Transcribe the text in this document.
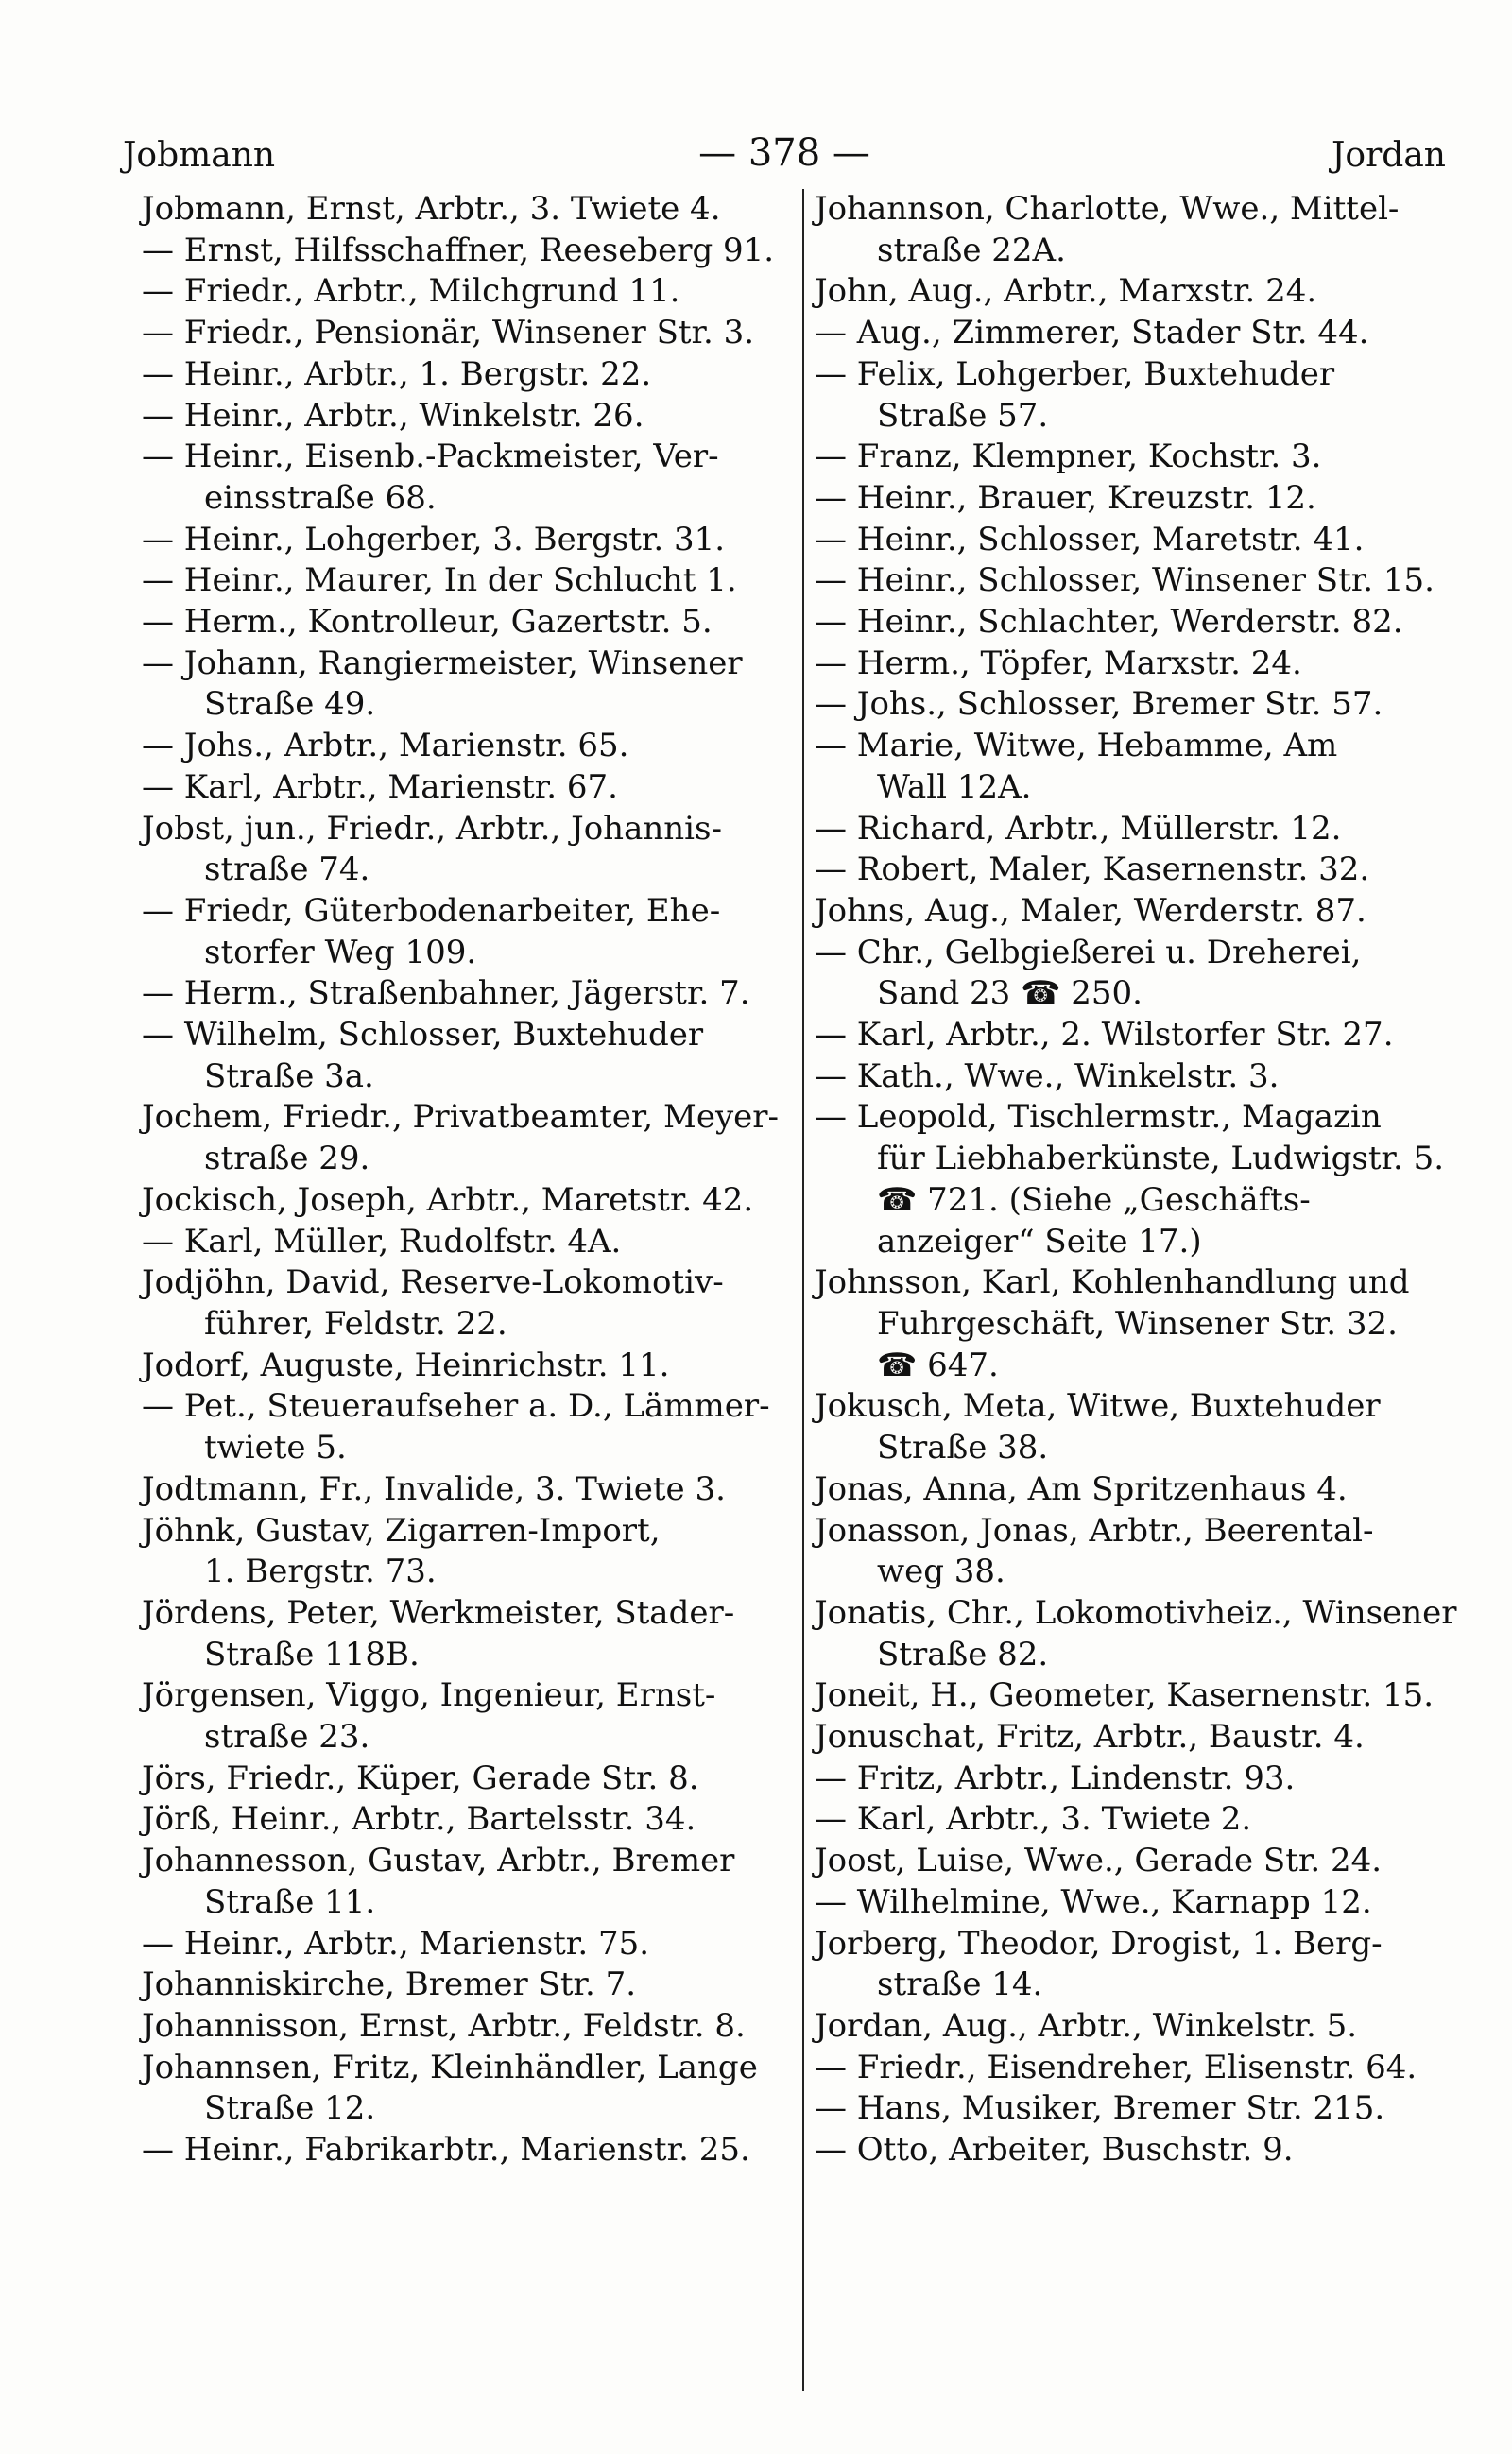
Jobmann	— 378 —	Jordan
Jobmann, Ernst, Arbtr., 3. Twiete 4.
— Ernst, Hilfsschaffner, Reeseberg 91.
— Friedr., Arbtr., Milchgrund 11.
— Friedr., Pensionär, Winsener Str. 3.
— Heinr., Arbtr., 1. Bergstr. 22.
— Heinr., Arbtr., Winkelstr. 26.
— Heinr., Eisenb.-Packmeister, Ver-
einsstraße 68.
— Heinr., Lohgerber, 3. Bergstr. 31.
— Heinr., Maurer, In der Schlucht 1.
— Herm., Kontrolleur, Gazertstr. 5.
— Johann, Rangiermeister, Winsener
Straße 49.
— Johs., Arbtr., Marienstr. 65.
— Karl, Arbtr., Marienstr. 67.
Jobst, jun., Friedr., Arbtr., Johannis-
straße 74.
— Friedr, Güterbodenarbeiter, Ehe-
storfer Weg 109.
— Herm., Straßenbahner, Jägerstr. 7.
— Wilhelm, Schlosser, Buxtehuder
Straße 3a.
Jochem, Friedr., Privatbeamter, Meyer-
straße 29.
Jockisch, Joseph, Arbtr., Maretstr. 42.
— Karl, Müller, Rudolfstr. 4A.
Jodjöhn, David, Reserve-Lokomotiv-
führer, Feldstr. 22.
Jodorf, Auguste, Heinrichstr. 11.
— Pet., Steueraufseher a. D., Lämmer-
twiete 5.
Jodtmann, Fr., Invalide, 3. Twiete 3.
Jöhnk, Gustav, Zigarren-Import,
1. Bergstr. 73.
Jördens, Peter, Werkmeister, Stader-
Straße 118B.
Jörgensen, Viggo, Ingenieur, Ernst-
straße 23.
Jörs, Friedr., Küper, Gerade Str. 8.
Jörß, Heinr., Arbtr., Bartelsstr. 34.
Johannesson, Gustav, Arbtr., Bremer
Straße 11.
— Heinr., Arbtr., Marienstr. 75.
Johanniskirche, Bremer Str. 7.
Johannisson, Ernst, Arbtr., Feldstr. 8.
Johannsen, Fritz, Kleinhändler, Lange
Straße 12.
— Heinr., Fabrikarbtr., Marienstr. 25.
Johannson, Charlotte, Wwe., Mittel-
straße 22A.
John, Aug., Arbtr., Marxstr. 24.
— Aug., Zimmerer, Stader Str. 44.
— Felix, Lohgerber, Buxtehuder
Straße 57.
— Franz, Klempner, Kochstr. 3.
— Heinr., Brauer, Kreuzstr. 12.
— Heinr., Schlosser, Maretstr. 41.
— Heinr., Schlosser, Winsener Str. 15.
— Heinr., Schlachter, Werderstr. 82.
— Herm., Töpfer, Marxstr. 24.
— Johs., Schlosser, Bremer Str. 57.
— Marie, Witwe, Hebamme, Am
Wall 12A.
— Richard, Arbtr., Müllerstr. 12.
— Robert, Maler, Kasernenstr. 32.
Johns, Aug., Maler, Werderstr. 87.
— Chr., Gelbgießerei u. Dreherei,
Sand 23 ☎ 250.
— Karl, Arbtr., 2. Wilstorfer Str. 27.
— Kath., Wwe., Winkelstr. 3.
— Leopold, Tischlermstr., Magazin
für Liebhaberkünste, Ludwigstr. 5.
☎ 721. (Siehe „Geschäfts-
anzeiger“ Seite 17.)
Johnsson, Karl, Kohlenhandlung und
Fuhrgeschäft, Winsener Str. 32.
☎ 647.
Jokusch, Meta, Witwe, Buxtehuder
Straße 38.
Jonas, Anna, Am Spritzenhaus 4.
Jonasson, Jonas, Arbtr., Beerental-
weg 38.
Jonatis, Chr., Lokomotivheiz., Winsener
Straße 82.
Joneit, H., Geometer, Kasernenstr. 15.
Jonuschat, Fritz, Arbtr., Baustr. 4.
— Fritz, Arbtr., Lindenstr. 93.
— Karl, Arbtr., 3. Twiete 2.
Joost, Luise, Wwe., Gerade Str. 24.
— Wilhelmine, Wwe., Karnapp 12.
Jorberg, Theodor, Drogist, 1. Berg-
straße 14.
Jordan, Aug., Arbtr., Winkelstr. 5.
— Friedr., Eisendreher, Elisenstr. 64.
— Hans, Musiker, Bremer Str. 215.
— Otto, Arbeiter, Buschstr. 9.
